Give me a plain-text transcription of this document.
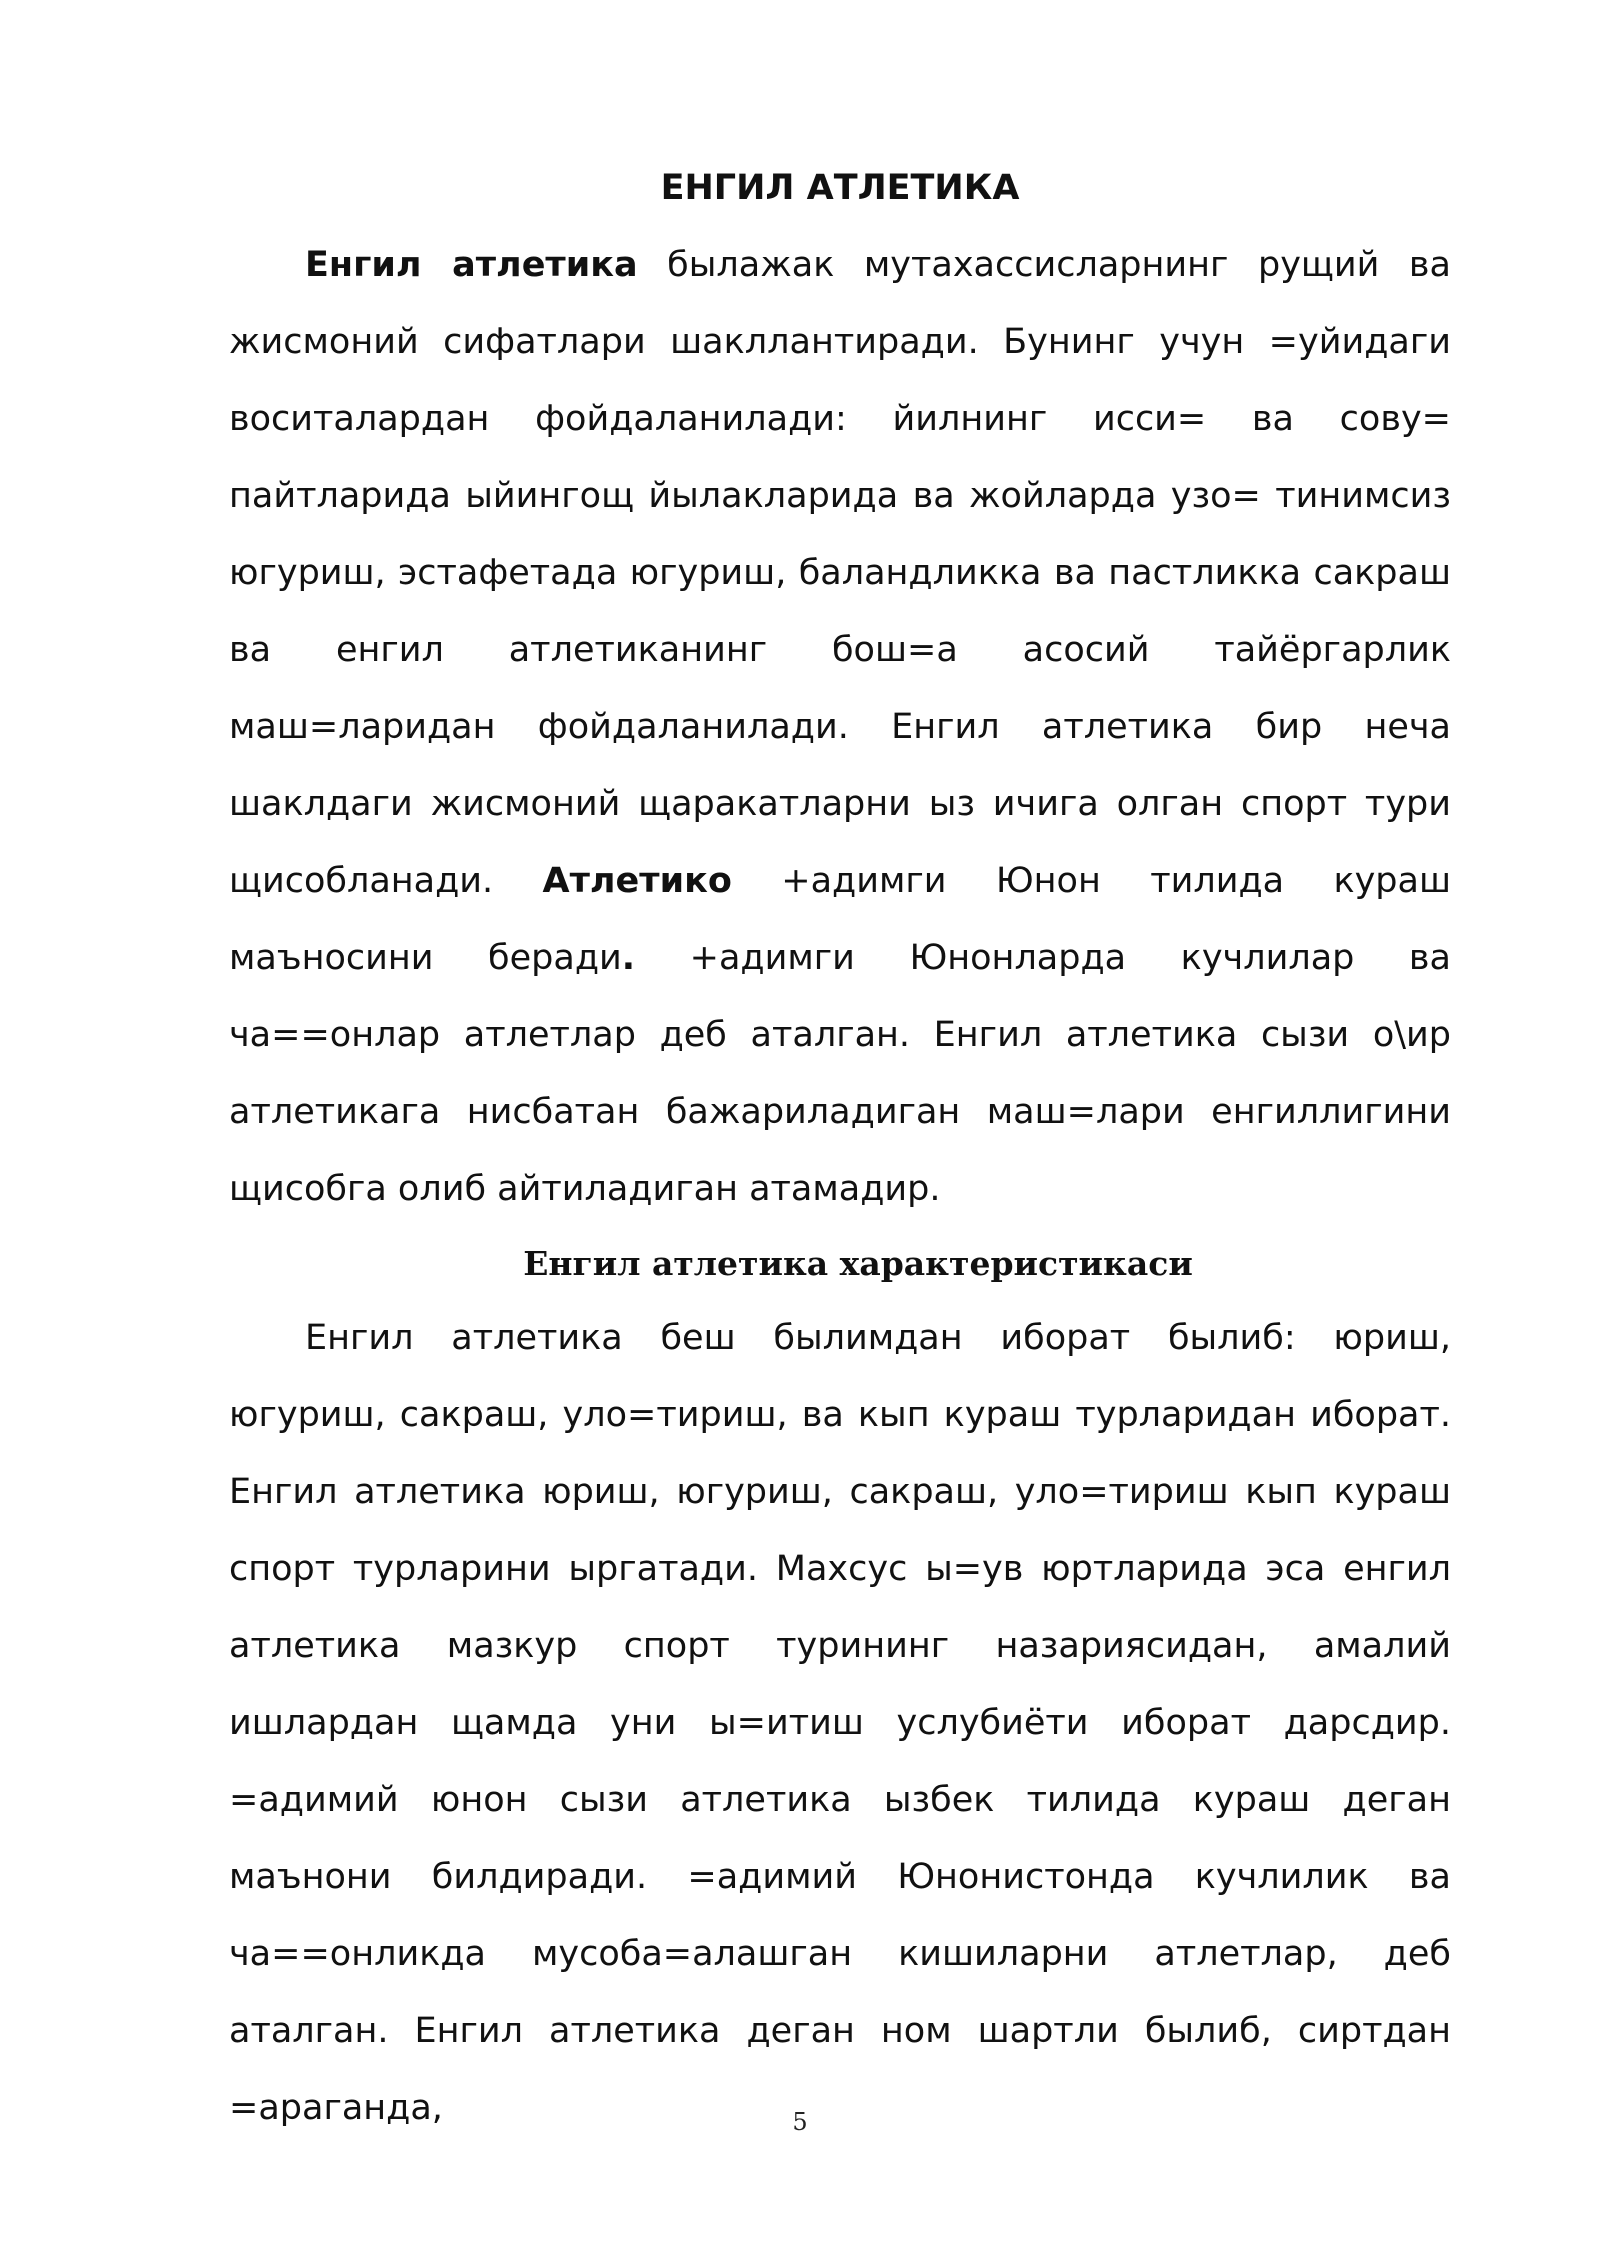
ЕНГИЛ АТЛЕТИКА

Енгил атлетика былажак мутахассисларнинг рущий ва жисмоний сифатлари шакллантиради. Бунинг учун =уйидаги воситалардан фойдаланилади: йилнинг исси= ва сову= пайтларида ыйингощ йылакларида ва жойларда узо= тинимсиз югуриш, эстафетада югуриш, баландликка ва пастликка сакраш ва енгил атлетиканинг бош=а асосий тайёргарлик маш=ларидан фойдаланилади. Енгил атлетика бир неча шаклдаги жисмоний щаракатларни ыз ичига олган спорт тури щисобланади. Атлетико +адимги Юнон тилида кураш маъносини беради. +адимги Юнонларда кучлилар ва ча==онлар атлетлар деб аталган. Енгил атлетика сызи о\ир атлетикага нисбатан бажариладиган маш=лари енгиллигини щисобга олиб айтиладиган атамадир.

Енгил атлетика характеристикаси

Енгил атлетика беш былимдан иборат былиб: юриш, югуриш, сакраш, уло=тириш, ва кып кураш турларидан иборат. Енгил атлетика юриш, югуриш, сакраш, уло=тириш кып кураш спорт турларини ыргатади. Махсус ы=ув юртларида эса енгил атлетика мазкур спорт турининг назариясидан, амалий ишлардан щамда уни ы=итиш услубиёти иборат дарсдир. =адимий юнон сызи атлетика ызбек тилида кураш деган маънони билдиради. =адимий Юнонистонда кучлилик ва ча==онликда мусоба=алашган кишиларни атлетлар, деб аталган. Енгил атлетика деган ном шартли былиб, сиртдан =араганда,	5
